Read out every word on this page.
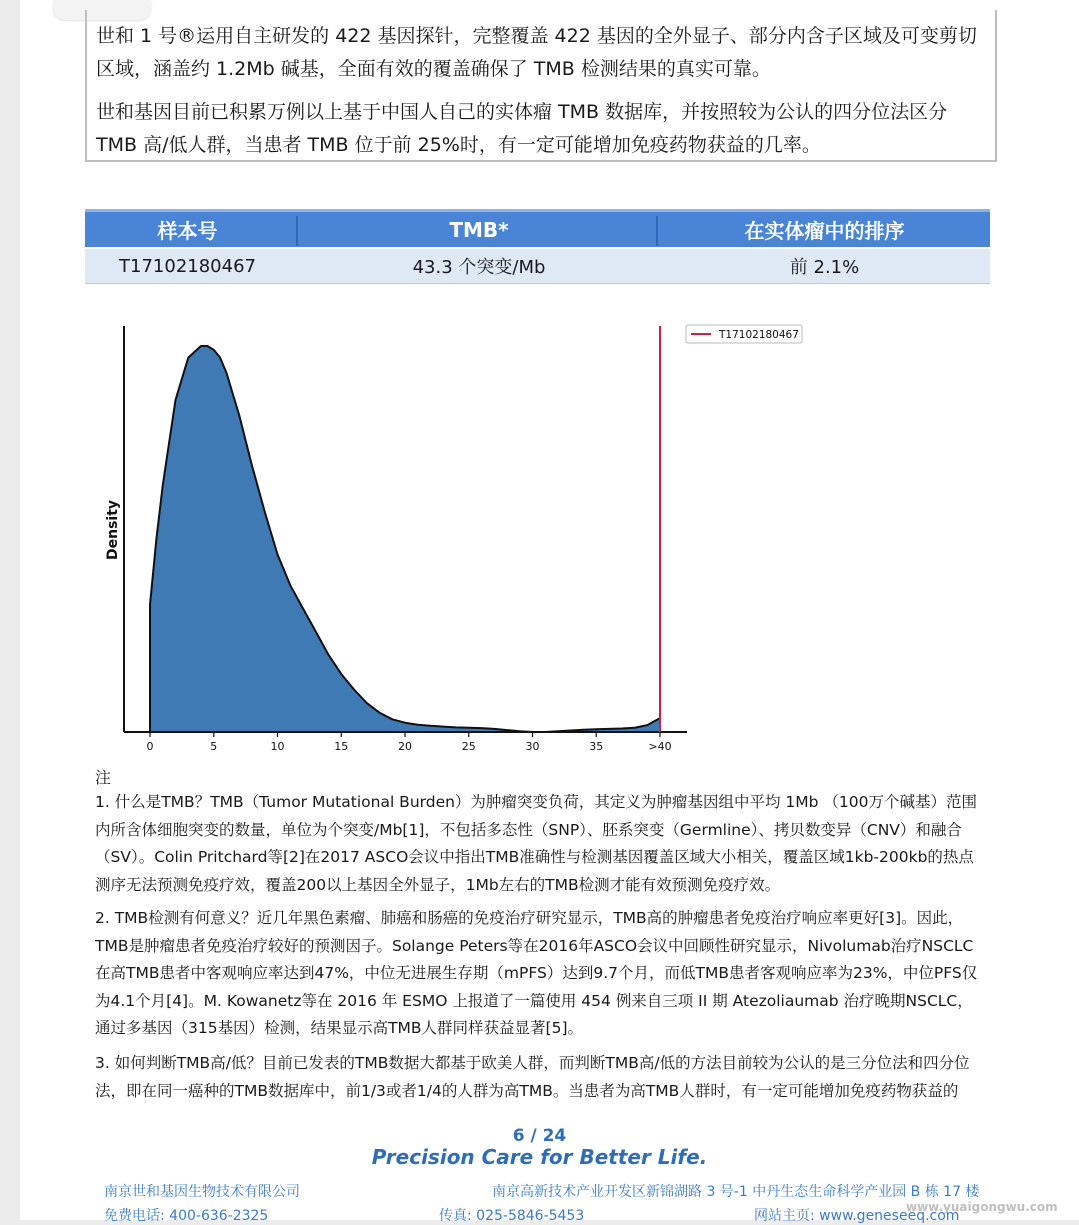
世和 1 号®运用自主研发的 422 基因探针，完整覆盖 422 基因的全外显子、部分内含子区域及可变剪切区域，涵盖约 1.2Mb 碱基，全面有效的覆盖确保了 TMB 检测结果的真实可靠。

世和基因目前已积累万例以上基于中国人自己的实体瘤 TMB 数据库，并按照较为公认的四分位法区分 TMB 高/低人群，当患者 TMB 位于前 25%时，有一定可能增加免疫药物获益的几率。

样本号	TMB*	在实体瘤中的排序
T17102180467	43.3 个突变/Mb	前 2.1%
0	5	10	15	20	25	30	35	>40
Density
T17102180467
注

1. 什么是TMB？TMB（Tumor Mutational Burden）为肿瘤突变负荷，其定义为肿瘤基因组中平均 1Mb （100万个碱基）范围内所含体细胞突变的数量，单位为个突变/Mb[1]，不包括多态性（SNP）、胚系突变（Germline）、拷贝数变异（CNV）和融合（SV）。Colin Pritchard等[2]在2017 ASCO会议中指出TMB准确性与检测基因覆盖区域大小相关，覆盖区域1kb-200kb的热点测序无法预测免疫疗效，覆盖200以上基因全外显子，1Mb左右的TMB检测才能有效预测免疫疗效。

2. TMB检测有何意义？近几年黑色素瘤、肺癌和肠癌的免疫治疗研究显示，TMB高的肿瘤患者免疫治疗响应率更好[3]。因此，TMB是肿瘤患者免疫治疗较好的预测因子。Solange Peters等在2016年ASCO会议中回顾性研究显示，Nivolumab治疗NSCLC在高TMB患者中客观响应率达到47%，中位无进展生存期（mPFS）达到9.7个月，而低TMB患者客观响应率为23%，中位PFS仅为4.1个月[4]。M. Kowanetz等在 2016 年 ESMO 上报道了一篇使用 454 例来自三项 II 期 Atezoliaumab 治疗晚期NSCLC，通过多基因（315基因）检测，结果显示高TMB人群同样获益显著[5]。

3. 如何判断TMB高/低？目前已发表的TMB数据大都基于欧美人群，而判断TMB高/低的方法目前较为公认的是三分位法和四分位法，即在同一癌种的TMB数据库中，前1/3或者1/4的人群为高TMB。当患者为高TMB人群时，有一定可能增加免疫药物获益的

6 / 24
Precision Care for Better Life.
南京世和基因生物技术有限公司	南京高新技术产业开发区新锦湖路 3 号-1 中丹生态生命科学产业园 B 栋 17 楼
免费电话: 400-636-2325	传真: 025-5846-5453	网站主页: www.geneseeq.com
www.yuaigongwu.com
